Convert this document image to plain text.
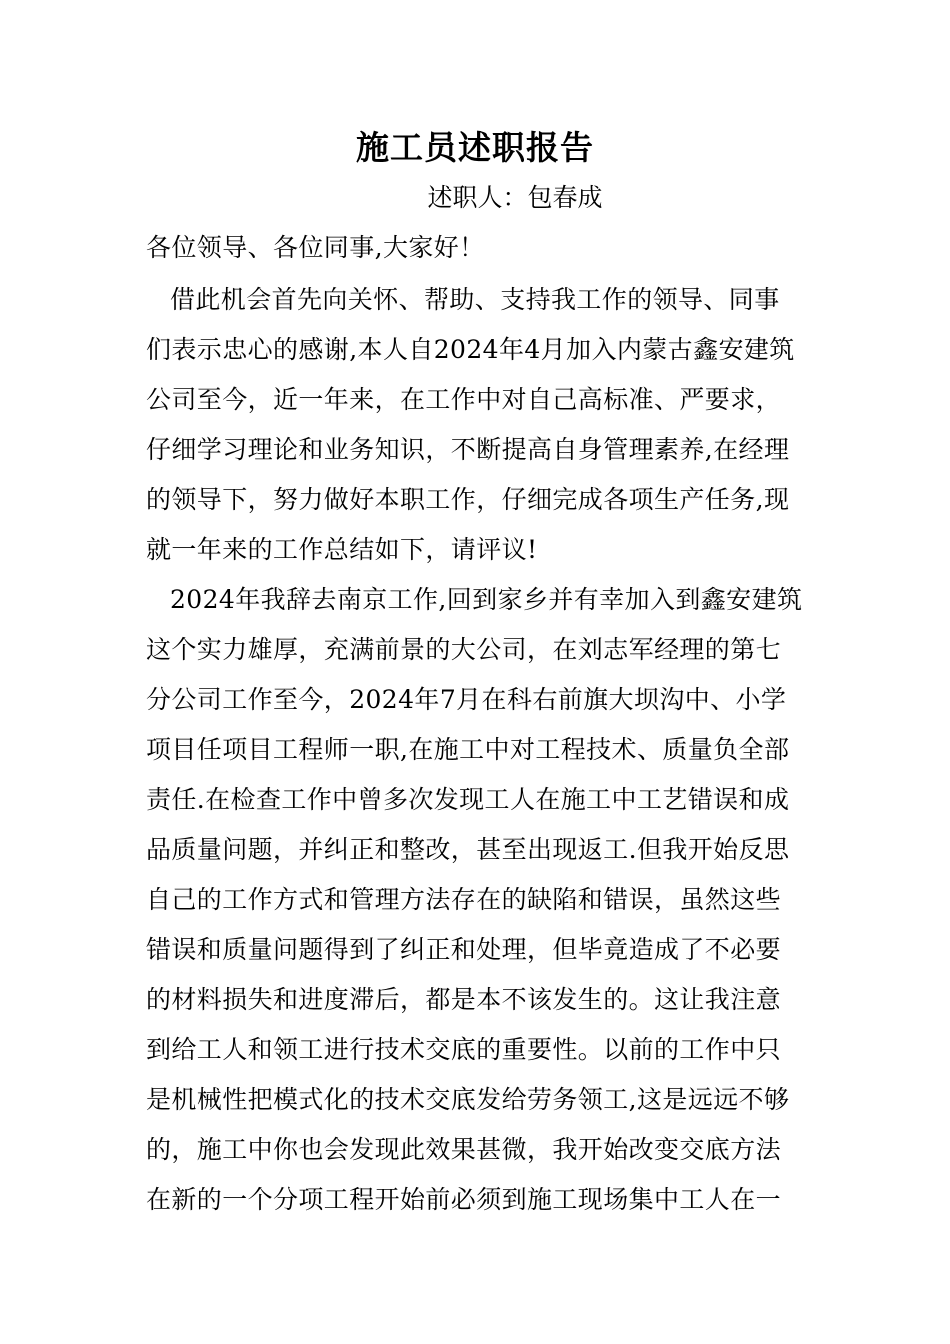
施工员述职报告
述职人：包春成
各位领导、各位同事,大家好！
借此机会首先向关怀、帮助、支持我工作的领导、同事
们表示忠心的感谢,本人自2024年4月加入内蒙古鑫安建筑
公司至今，近一年来，在工作中对自己高标准、严要求，
仔细学习理论和业务知识，不断提高自身管理素养,在经理
的领导下，努力做好本职工作，仔细完成各项生产任务,现
就一年来的工作总结如下，请评议!
2024年我辞去南京工作,回到家乡并有幸加入到鑫安建筑
这个实力雄厚，充满前景的大公司，在刘志军经理的第七
分公司工作至今，2024年7月在科右前旗大坝沟中、小学
项目任项目工程师一职,在施工中对工程技术、质量负全部
责任.在检查工作中曾多次发现工人在施工中工艺错误和成
品质量问题，并纠正和整改，甚至出现返工.但我开始反思
自己的工作方式和管理方法存在的缺陷和错误，虽然这些
错误和质量问题得到了纠正和处理，但毕竟造成了不必要
的材料损失和进度滞后，都是本不该发生的。这让我注意
到给工人和领工进行技术交底的重要性。以前的工作中只
是机械性把模式化的技术交底发给劳务领工,这是远远不够
的，施工中你也会发现此效果甚微，我开始改变交底方法
在新的一个分项工程开始前必须到施工现场集中工人在一
